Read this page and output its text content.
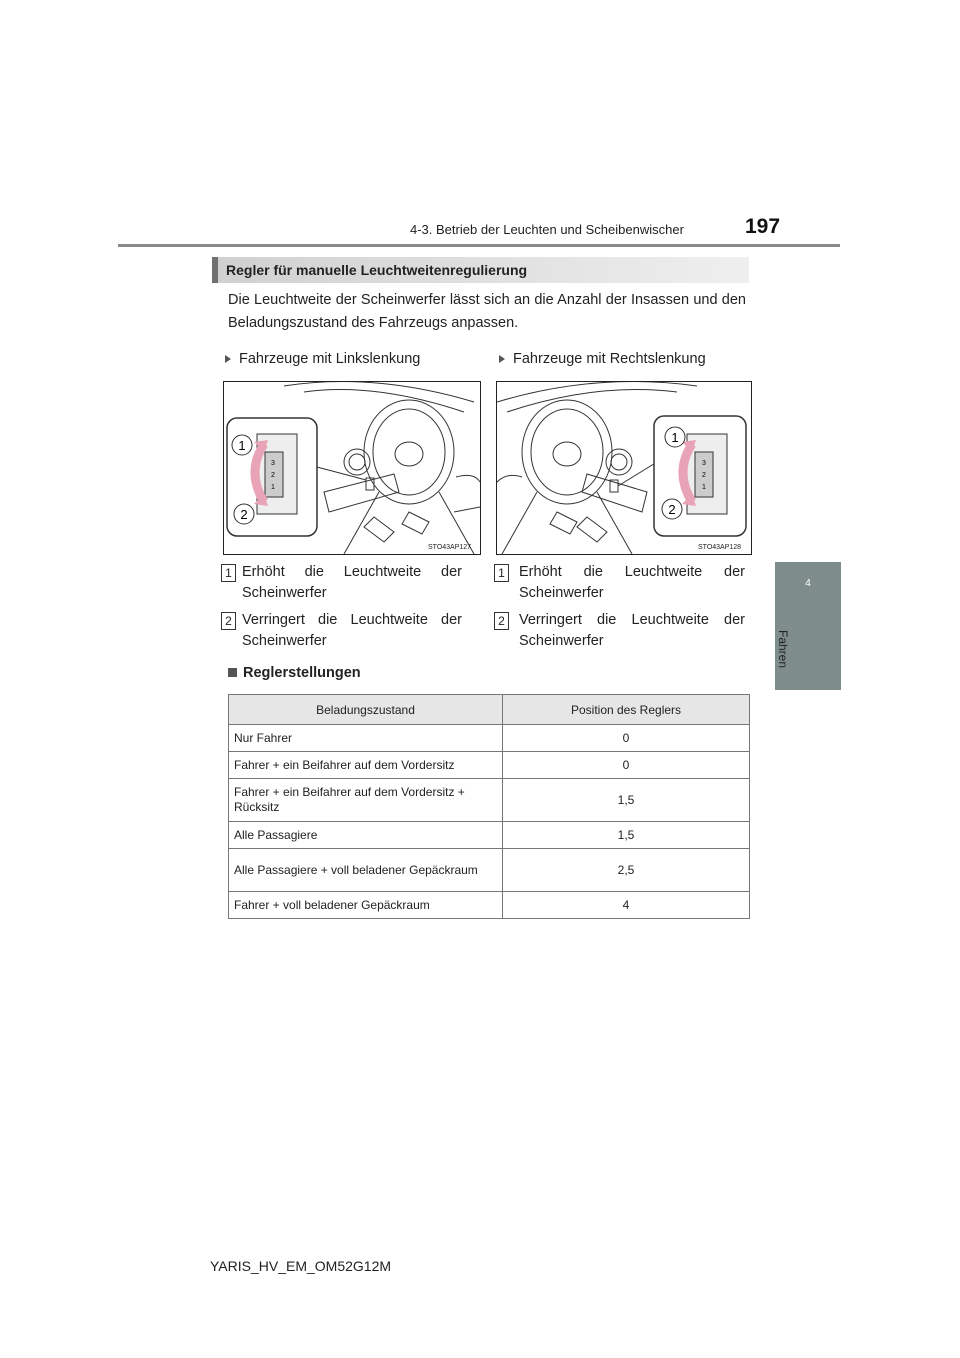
4-3. Betrieb der Leuchten und Scheibenwischer	197
4
Fahren
Regler für manuelle Leuchtweitenregulierung
Die Leuchtweite der Scheinwerfer lässt sich an die Anzahl der Insassen und den Beladungszustand des Fahrzeugs anpassen.
Fahrzeuge mit Linkslenkung	Fahrzeuge mit Rechtslenkung
3
2
1
1
2
STO43AP127
3
2
1
1
2
STO43AP128
1 Erhöht die Leuchtweite der Scheinwerfer
2 Verringert die Leuchtweite der Scheinwerfer
1 Erhöht die Leuchtweite der Scheinwerfer
2 Verringert die Leuchtweite der Scheinwerfer
Reglerstellungen
Beladungszustand	Position des Reglers
Nur Fahrer	0
Fahrer + ein Beifahrer auf dem Vordersitz	0
Fahrer + ein Beifahrer auf dem Vordersitz + Rücksitz	1,5
Alle Passagiere	1,5
Alle Passagiere + voll beladener Gepäckraum	2,5
Fahrer + voll beladener Gepäckraum	4
YARIS_HV_EM_OM52G12M
